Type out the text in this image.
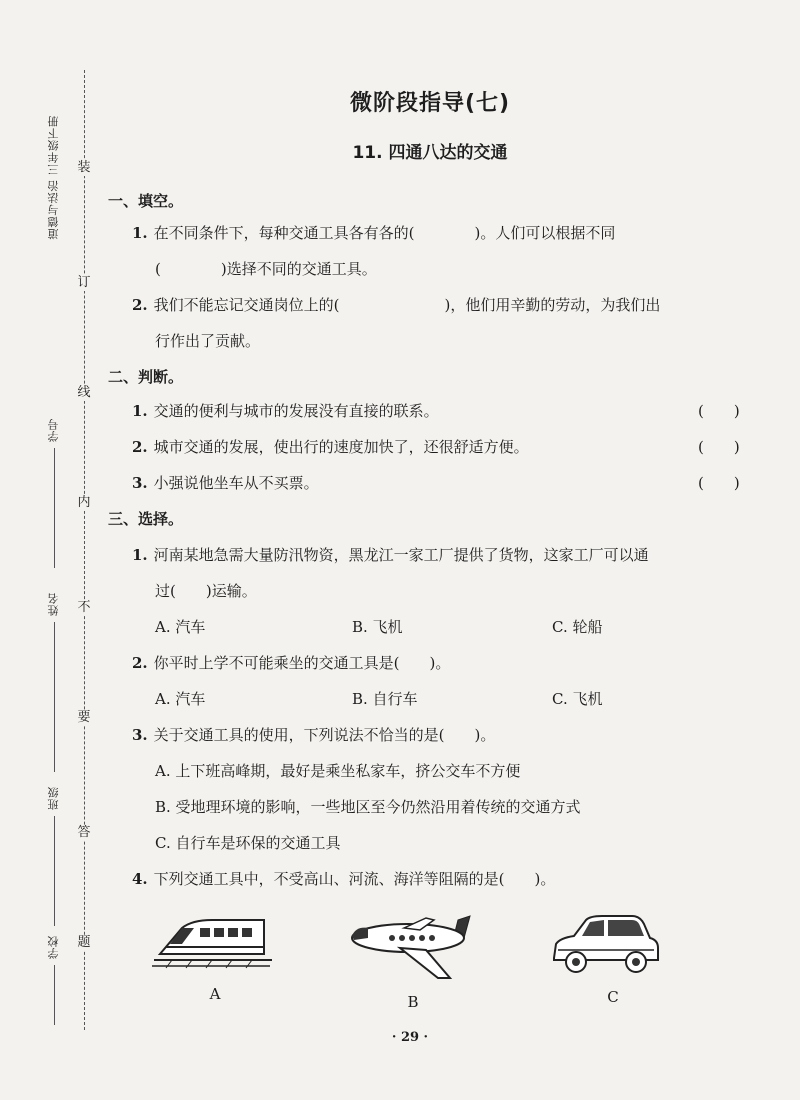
装
订
线
内
不
要
答
题
道德与法治 三年级下册
学号
姓名
班级
学校
微阶段指导(七)
11. 四通八达的交通
一、填空。
1. 在不同条件下，每种交通工具各有各的(　　　　)。人们可以根据不同
(　　　　)选择不同的交通工具。
2. 我们不能忘记交通岗位上的(　　　　　　　)，他们用辛勤的劳动，为我们出
行作出了贡献。
二、判断。
1. 交通的便利与城市的发展没有直接的联系。	(　　)
2. 城市交通的发展，使出行的速度加快了，还很舒适方便。	(　　)
3. 小强说他坐车从不买票。	(　　)
三、选择。
1. 河南某地急需大量防汛物资，黑龙江一家工厂提供了货物，这家工厂可以通
过(　　)运输。
A. 汽车	B. 飞机	C. 轮船
2. 你平时上学不可能乘坐的交通工具是(　　)。
A. 汽车	B. 自行车	C. 飞机
3. 关于交通工具的使用，下列说法不恰当的是(　　)。
A. 上下班高峰期，最好是乘坐私家车，挤公交车不方便
B. 受地理环境的影响，一些地区至今仍然沿用着传统的交通方式
C. 自行车是环保的交通工具
4. 下列交通工具中，不受高山、河流、海洋等阻隔的是(　　)。
A	B	C
· 29 ·
